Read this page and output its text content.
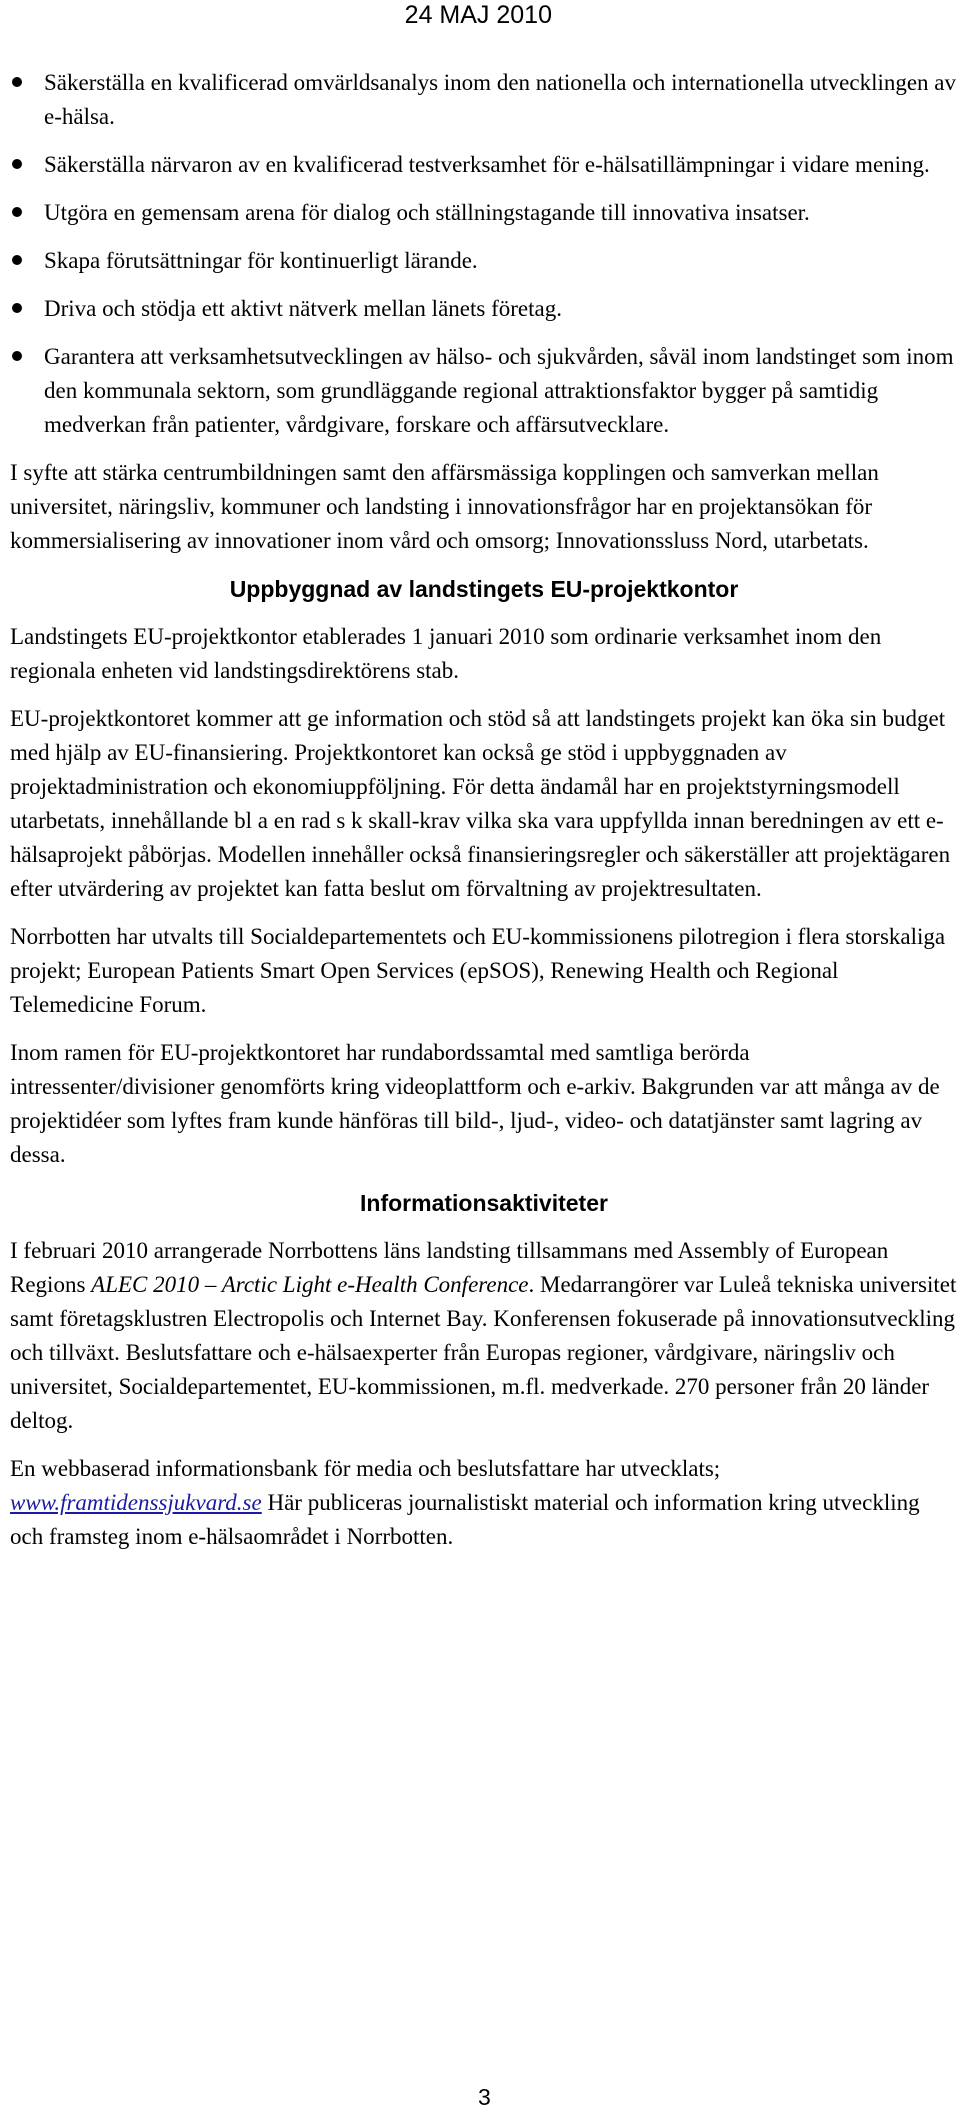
24 MAJ 2010
Säkerställa en kvalificerad omvärldsanalys inom den nationella och internationella utvecklingen av e-hälsa.
Säkerställa närvaron av en kvalificerad testverksamhet för e-hälsatillämpningar i vidare mening.
Utgöra en gemensam arena för dialog och ställningstagande till innovativa insatser.
Skapa förutsättningar för kontinuerligt lärande.
Driva och stödja ett aktivt nätverk mellan länets företag.
Garantera att verksamhetsutvecklingen av hälso- och sjukvården, såväl inom landstinget som inom den kommunala sektorn, som grundläggande regional attraktionsfaktor bygger på samtidig medverkan från patienter, vårdgivare, forskare och affärsutvecklare.

I syfte att stärka centrumbildningen samt den affärsmässiga kopplingen och samverkan mellan universitet, näringsliv, kommuner och landsting i innovationsfrågor har en projektansökan för kommersialisering av innovationer inom vård och omsorg; Innovationssluss Nord, utarbetats.

Uppbyggnad av landstingets EU-projektkontor

Landstingets EU-projektkontor etablerades 1 januari 2010 som ordinarie verksamhet inom den regionala enheten vid landstingsdirektörens stab.

EU-projektkontoret kommer att ge information och stöd så att landstingets projekt kan öka sin budget med hjälp av EU-finansiering. Projektkontoret kan också ge stöd i uppbyggnaden av projektadministration och ekonomiuppföljning. För detta ändamål har en projektstyrningsmodell utarbetats, innehållande bl a en rad s k skall-krav vilka ska vara uppfyllda innan beredningen av ett e-hälsaprojekt påbörjas. Modellen innehåller också finansieringsregler och säkerställer att projektägaren efter utvärdering av projektet kan fatta beslut om förvaltning av projektresultaten.

Norrbotten har utvalts till Socialdepartementets och EU-kommissionens pilotregion i flera storskaliga projekt; European Patients Smart Open Services (epSOS), Renewing Health och Regional Telemedicine Forum.

Inom ramen för EU-projektkontoret har rundabordssamtal med samtliga berörda intressenter/divisioner genomförts kring videoplattform och e-arkiv. Bakgrunden var att många av de projektidéer som lyftes fram kunde hänföras till bild-, ljud-, video- och datatjänster samt lagring av dessa.

Informationsaktiviteter

I februari 2010 arrangerade Norrbottens läns landsting tillsammans med Assembly of European Regions ALEC 2010 – Arctic Light e-Health Conference. Medarrangörer var Luleå tekniska universitet samt företagsklustren Electropolis och Internet Bay. Konferensen fokuserade på innovationsutveckling och tillväxt. Beslutsfattare och e-hälsaexperter från Europas regioner, vårdgivare, näringsliv och universitet, Socialdepartementet, EU-kommissionen, m.fl. medverkade. 270 personer från 20 länder deltog.

En webbaserad informationsbank för media och beslutsfattare har utvecklats; www.framtidenssjukvard.se Här publiceras journalistiskt material och information kring utveckling och framsteg inom e-hälsaområdet i Norrbotten.

3
